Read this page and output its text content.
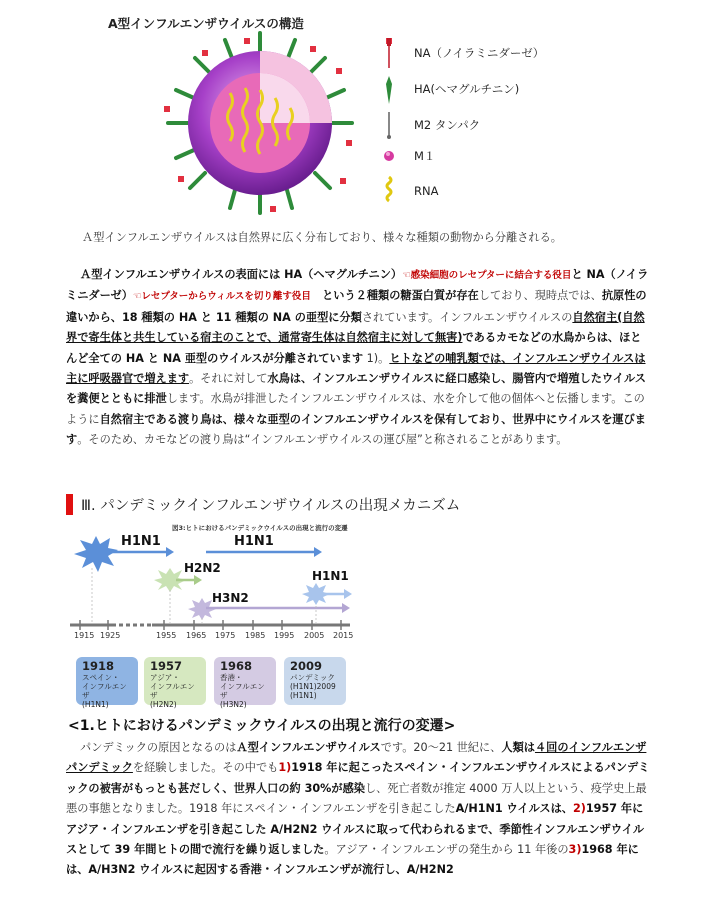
A型インフルエンザウイルスの構造
NA（ノイラミニダーゼ）
HA(ヘマグルチニン)
M2 タンパク
M１
RNA
Ａ型インフルエンザウイルスは自然界に広く分布しており、様々な種類の動物から分離される。
Ａ型インフルエンザウイルスの表面には HA（ヘマグルチニン）☜感染細胞のレセプターに結合する役目と NA（ノイラミニダーゼ）☜レセプターからウィルスを切り離す役目　 という２種類の糖蛋白質が存在しており、現時点では、抗原性の違いから、18 種類の HA と 11 種類の NA の亜型に分類されています。インフルエンザウイルスの自然宿主(自然界で寄生体と共生している宿主のことで、通常寄生体は自然宿主に対して無害)であるカモなどの水鳥からは、ほとんど全ての HA と NA 亜型のウイルスが分離されています 1)。ヒトなどの哺乳類では、インフルエンザウイルスは主に呼吸器官で増えます。それに対して水鳥は、インフルエンザウイルスに経口感染し、腸管内で増殖したウイルスを糞便とともに排泄します。水鳥が排泄したインフルエンザウイルスは、水を介して他の個体へと伝播します。このように自然宿主である渡り鳥は、様々な亜型のインフルエンザウイルスを保有しており、世界中にウイルスを運びます。そのため、カモなどの渡り鳥は“インフルエンザウイルスの運び屋”と称されることがあります。
Ⅲ. パンデミックインフルエンザウイルスの出現メカニズム
図3:ヒトにおけるパンデミックウイルスの出現と流行の変遷
H1N1	H1N1
H2N2
H3N2
H1N1
1915 1925	1955 1965 1975 1985 1995 2005 2015
1918
スペイン・
インフルエンザ
(H1N1)
1957
アジア・
インフルエンザ
(H2N2)
1968
香港・
インフルエンザ
(H3N2)
2009
パンデミック
(H1N1)2009
(H1N1)
<1.ヒトにおけるパンデミックウイルスの出現と流行の変遷>
パンデミックの原因となるのはＡ型インフルエンザウイルスです。20～21 世紀に、人類は４回のインフルエンザパンデミックを経験しました。その中でも1)1918 年に起こったスペイン・インフルエンザウイルスによるパンデミックの被害がもっとも甚だしく、世界人口の約 30%が感染し、死亡者数が推定 4000 万人以上という、疫学史上最悪の事態となりました。1918 年にスペイン・インフルエンザを引き起こしたA/H1N1 ウイルスは、2)1957 年にアジア・インフルエンザを引き起こした A/H2N2 ウイルスに取って代わられるまで、季節性インフルエンザウイルスとして 39 年間ヒトの間で流行を繰り返しました。アジア・インフルエンザの発生から 11 年後の3)1968 年には、A/H3N2 ウイルスに起因する香港・インフルエンザが流行し、A/H2N2
